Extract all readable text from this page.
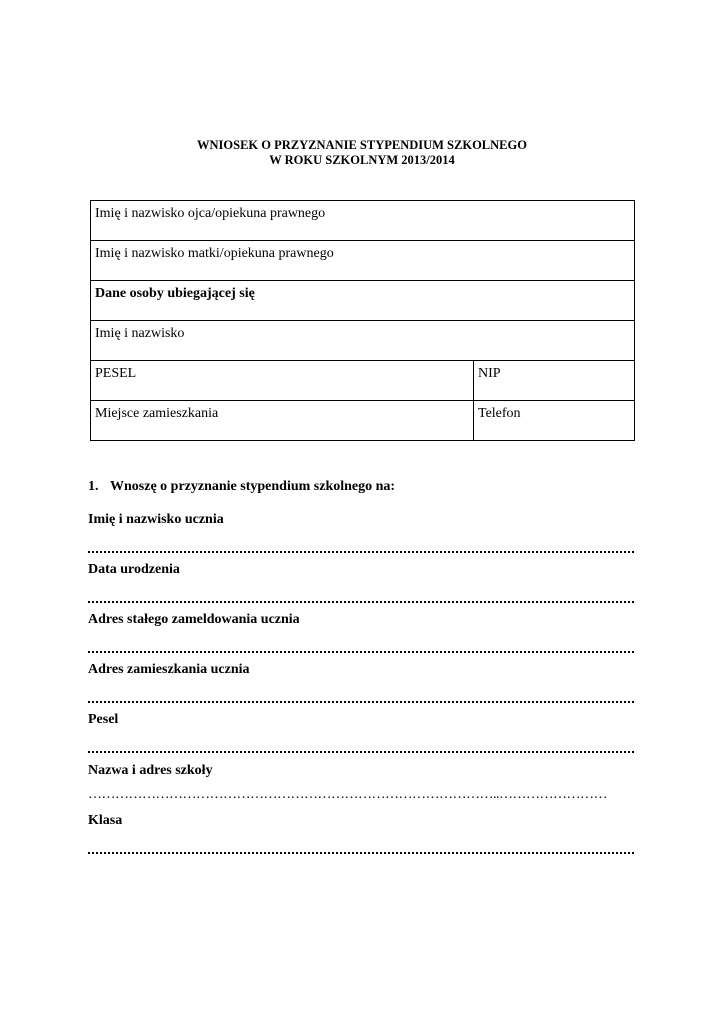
WNIOSEK O PRZYZNANIE STYPENDIUM SZKOLNEGO
W ROKU SZKOLNYM 2013/2014
Imię i nazwisko ojca/opiekuna prawnego	
Imię i nazwisko matki/opiekuna prawnego	
Dane osoby ubiegającej się	
Imię i nazwisko	
PESEL	NIP
Miejsce zamieszkania	Telefon
1. Wnoszę o przyznanie stypendium szkolnego na:
Imię i nazwisko ucznia
Data urodzenia
Adres stałego zameldowania ucznia
Adres zamieszkania ucznia
Pesel
Nazwa i adres szkoły
………………………………………………………………………………..……………………
Klasa
